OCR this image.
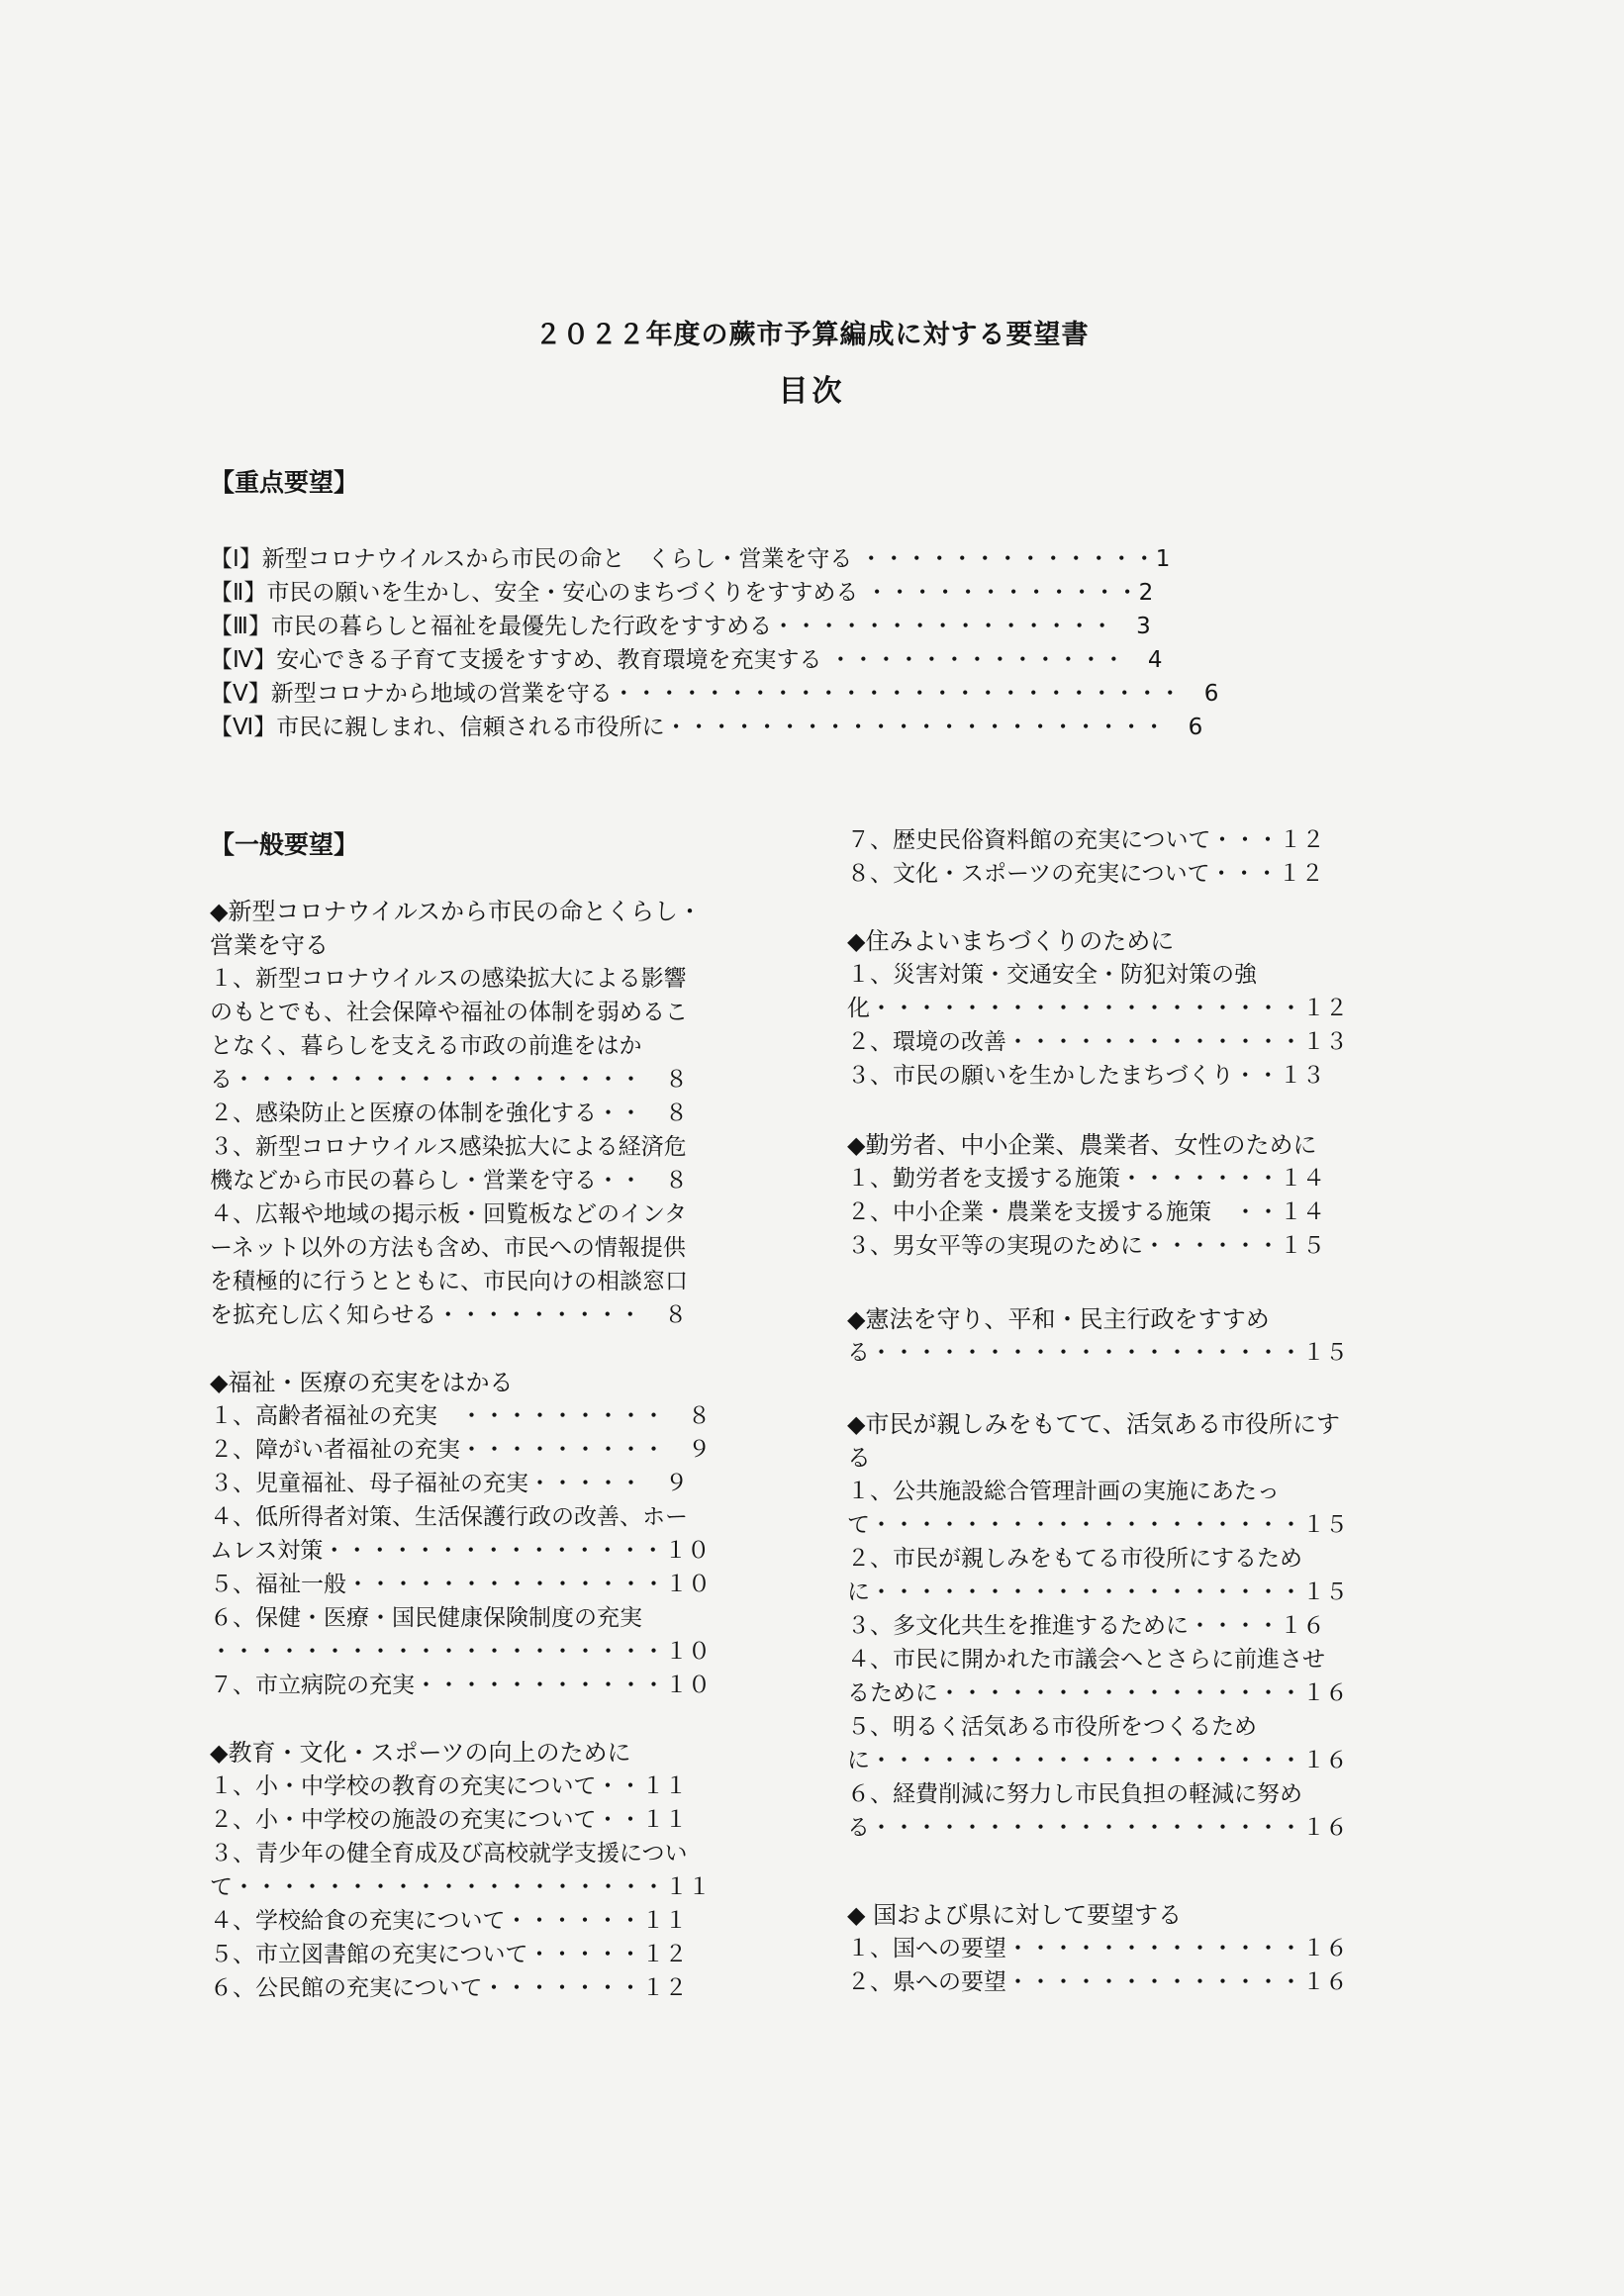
２０２２年度の蕨市予算編成に対する要望書
目次
【重点要望】
【Ⅰ】新型コロナウイルスから市民の命と　くらし・営業を守る ・・・・・・・・・・・・・1
【Ⅱ】市民の願いを生かし、安全・安心のまちづくりをすすめる ・・・・・・・・・・・・2
【Ⅲ】市民の暮らしと福祉を最優先した行政をすすめる・・・・・・・・・・・・・・・　3
【Ⅳ】安心できる子育て支援をすすめ、教育環境を充実する ・・・・・・・・・・・・・　4
【Ⅴ】新型コロナから地域の営業を守る・・・・・・・・・・・・・・・・・・・・・・・・・　6
【Ⅵ】市民に親しまれ、信頼される市役所に・・・・・・・・・・・・・・・・・・・・・・　6
【一般要望】
◆新型コロナウイルスから市民の命とくらし・
営業を守る
１、新型コロナウイルスの感染拡大による影響
のもとでも、社会保障や福祉の体制を弱めるこ
となく、暮らしを支える市政の前進をはか
る・・・・・・・・・・・・・・・・・・　８
２、感染防止と医療の体制を強化する・・　８
３、新型コロナウイルス感染拡大による経済危
機などから市民の暮らし・営業を守る・・　８
４、広報や地域の掲示板・回覧板などのインタ
ーネット以外の方法も含め、市民への情報提供
を積極的に行うとともに、市民向けの相談窓口
を拡充し広く知らせる・・・・・・・・・　８
◆福祉・医療の充実をはかる
１、高齢者福祉の充実　・・・・・・・・・　８
２、障がい者福祉の充実・・・・・・・・・　９
３、児童福祉、母子福祉の充実・・・・・　９
４、低所得者対策、生活保護行政の改善、ホー
ムレス対策・・・・・・・・・・・・・・・１０
５、福祉一般・・・・・・・・・・・・・・１０
６、保健・医療・国民健康保険制度の充実
・・・・・・・・・・・・・・・・・・・・１０
７、市立病院の充実・・・・・・・・・・・１０
◆教育・文化・スポーツの向上のために
１、小・中学校の教育の充実について・・１１
２、小・中学校の施設の充実について・・１１
３、青少年の健全育成及び高校就学支援につい
て・・・・・・・・・・・・・・・・・・・１１
４、学校給食の充実について・・・・・・１１
５、市立図書館の充実について・・・・・１２
６、公民館の充実について・・・・・・・１２
７、歴史民俗資料館の充実について・・・１２
８、文化・スポーツの充実について・・・１２
◆住みよいまちづくりのために
１、災害対策・交通安全・防犯対策の強
化・・・・・・・・・・・・・・・・・・・１２
２、環境の改善・・・・・・・・・・・・・１３
３、市民の願いを生かしたまちづくり・・１３
◆勤労者、中小企業、農業者、女性のために
１、勤労者を支援する施策・・・・・・・１４
２、中小企業・農業を支援する施策　・・１４
３、男女平等の実現のために・・・・・・１５
◆憲法を守り、平和・民主行政をすすめ
る・・・・・・・・・・・・・・・・・・・１５
◆市民が親しみをもてて、活気ある市役所にす
る
１、公共施設総合管理計画の実施にあたっ
て・・・・・・・・・・・・・・・・・・・１５
２、市民が親しみをもてる市役所にするため
に・・・・・・・・・・・・・・・・・・・１５
３、多文化共生を推進するために・・・・１６
４、市民に開かれた市議会へとさらに前進させ
るために・・・・・・・・・・・・・・・・１６
５、明るく活気ある市役所をつくるため
に・・・・・・・・・・・・・・・・・・・１６
６、経費削減に努力し市民負担の軽減に努め
る・・・・・・・・・・・・・・・・・・・１６
◆ 国および県に対して要望する
１、国への要望・・・・・・・・・・・・・１６
２、県への要望・・・・・・・・・・・・・１６
